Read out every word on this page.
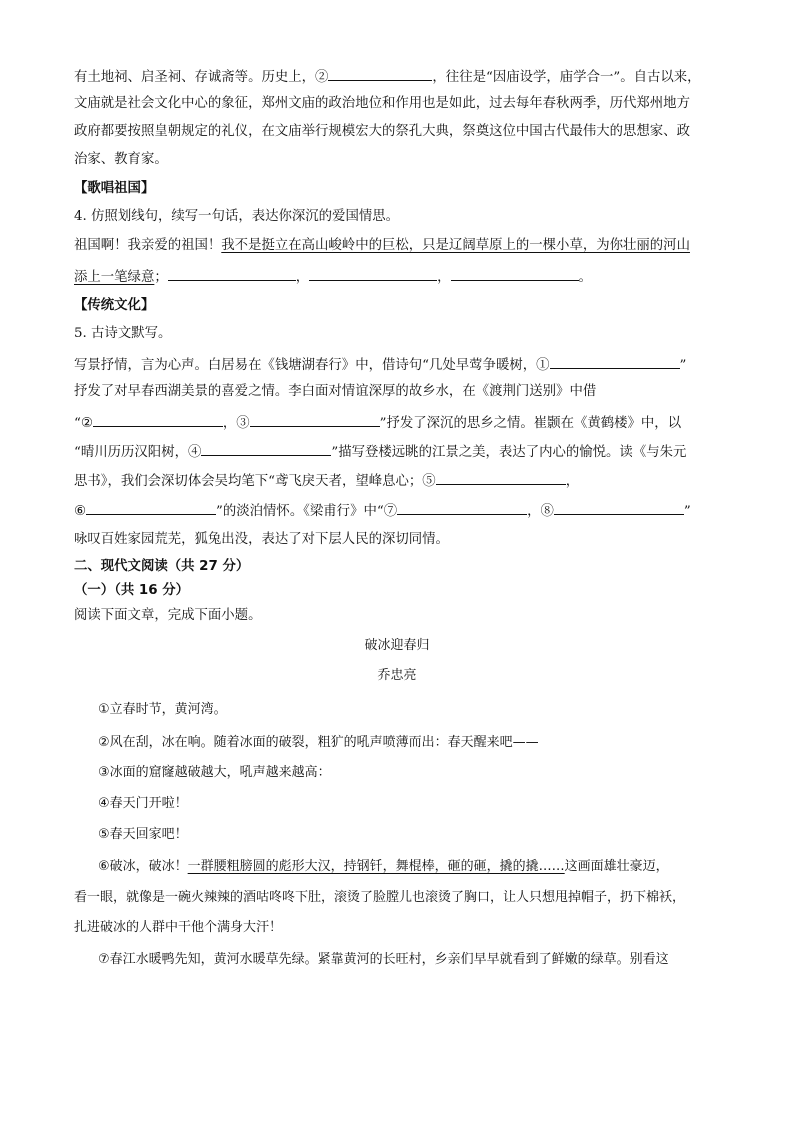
有土地祠、启圣祠、存诚斋等。历史上，②	，往往是“因庙设学，庙学合一”。自古以来，

文庙就是社会文化中心的象征，郑州文庙的政治地位和作用也是如此，过去每年春秋两季，历代郑州地方

政府都要按照皇朝规定的礼仪，在文庙举行规模宏大的祭孔大典，祭奠这位中国古代最伟大的思想家、政

治家、教育家。

【歌唱祖国】

4. 仿照划线句，续写一句话，表达你深沉的爱国情思。

祖国啊！我亲爱的祖国！我不是挺立在高山峻岭中的巨松，只是辽阔草原上的一棵小草，为你壮丽的河山

添上一笔绿意；	，	，	。

【传统文化】

5. 古诗文默写。

写景抒情，言为心声。白居易在《钱塘湖春行》中，借诗句“几处早莺争暖树，①	”

抒发了对早春西湖美景的喜爱之情。李白面对情谊深厚的故乡水，在《渡荆门送别》中借

“②	，③	”抒发了深沉的思乡之情。崔颢在《黄鹤楼》中，以

“晴川历历汉阳树，④	”描写登楼远眺的江景之美，表达了内心的愉悦。读《与朱元

思书》，我们会深切体会吴均笔下“鸢飞戾天者，望峰息心；⑤	，

⑥	”的淡泊情怀。《梁甫行》中“⑦	，⑧	”

咏叹百姓家园荒芜，狐兔出没，表达了对下层人民的深切同情。

二、现代文阅读（共 27 分）

（一）（共 16 分）

阅读下面文章，完成下面小题。

破冰迎春归

乔忠亮

①立春时节，黄河湾。

②风在刮，冰在响。随着冰面的破裂，粗犷的吼声喷薄而出：春天醒来吧——

③冰面的窟窿越破越大，吼声越来越高：

④春天门开啦！

⑤春天回家吧！

⑥破冰，破冰！一群腰粗膀圆的彪形大汉，持钢钎，舞棍棒，砸的砸，撬的撬……这画面雄壮豪迈，

看一眼，就像是一碗火辣辣的酒咕咚咚下肚，滚烫了脸膛儿也滚烫了胸口，让人只想甩掉帽子，扔下棉袄，

扎进破冰的人群中干他个满身大汗！

⑦春江水暖鸭先知，黄河水暖草先绿。紧靠黄河的长旺村，乡亲们早早就看到了鲜嫩的绿草。别看这
